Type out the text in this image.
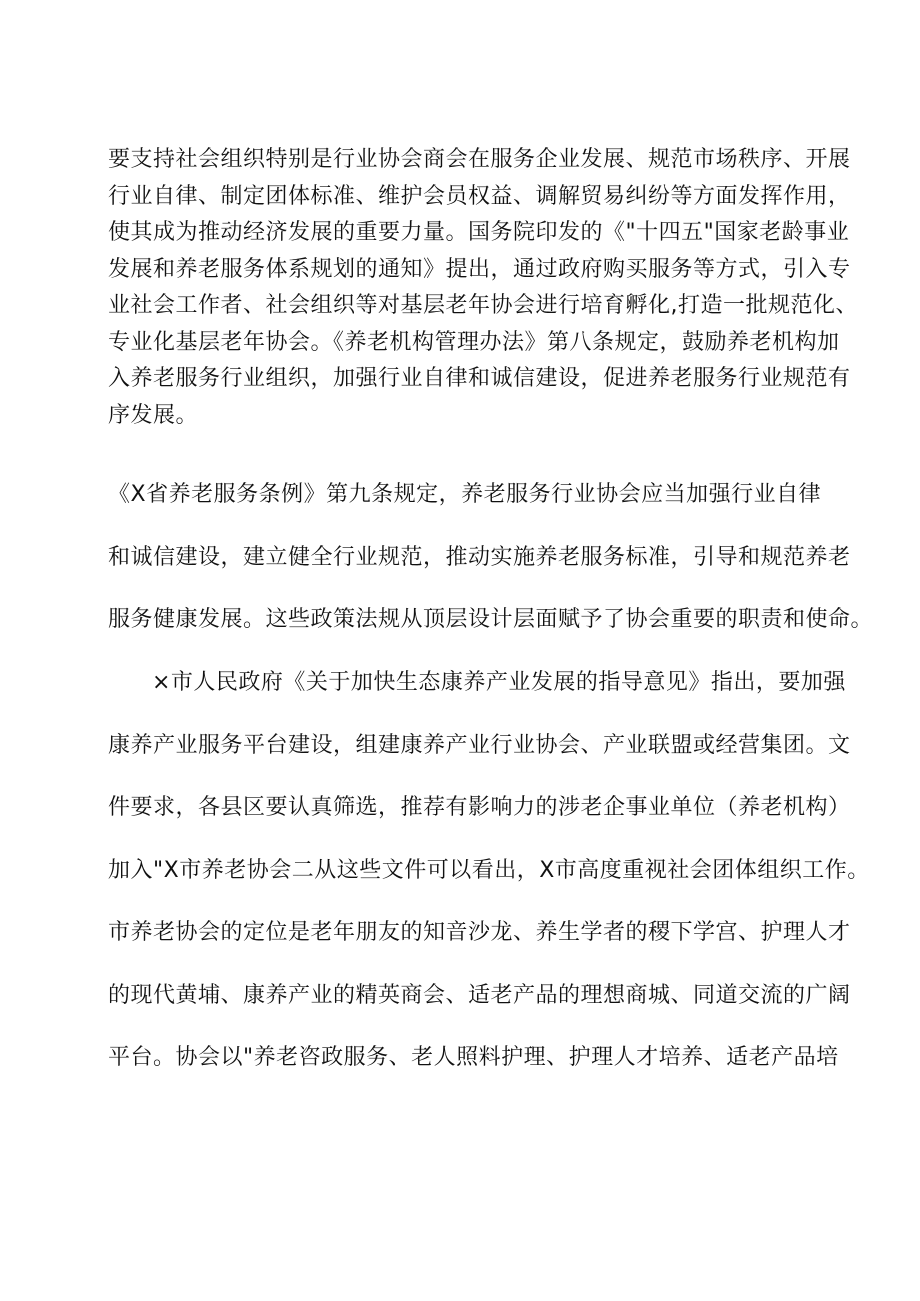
要支持社会组织特别是行业协会商会在服务企业发展、规范市场秩序、开展
行业自律、制定团体标准、维护会员权益、调解贸易纠纷等方面发挥作用，
使其成为推动经济发展的重要力量。国务院印发的《"十四五"国家老龄事业
发展和养老服务体系规划的通知》提出，通过政府购买服务等方式，引入专
业社会工作者、社会组织等对基层老年协会进行培育孵化,打造一批规范化、
专业化基层老年协会。《养老机构管理办法》第八条规定，鼓励养老机构加
入养老服务行业组织，加强行业自律和诚信建设，促进养老服务行业规范有
序发展。

《X省养老服务条例》第九条规定，养老服务行业协会应当加强行业自律
和诚信建设，建立健全行业规范，推动实施养老服务标准，引导和规范养老
服务健康发展。这些政策法规从顶层设计层面赋予了协会重要的职责和使命。

×市人民政府《关于加快生态康养产业发展的指导意见》指出，要加强
康养产业服务平台建设，组建康养产业行业协会、产业联盟或经营集团。文
件要求，各县区要认真筛选，推荐有影响力的涉老企事业单位（养老机构）
加入"X市养老协会二从这些文件可以看出，X市高度重视社会团体组织工作。
市养老协会的定位是老年朋友的知音沙龙、养生学者的稷下学宫、护理人才
的现代黄埔、康养产业的精英商会、适老产品的理想商城、同道交流的广阔
平台。协会以"养老咨政服务、老人照料护理、护理人才培养、适老产品培
